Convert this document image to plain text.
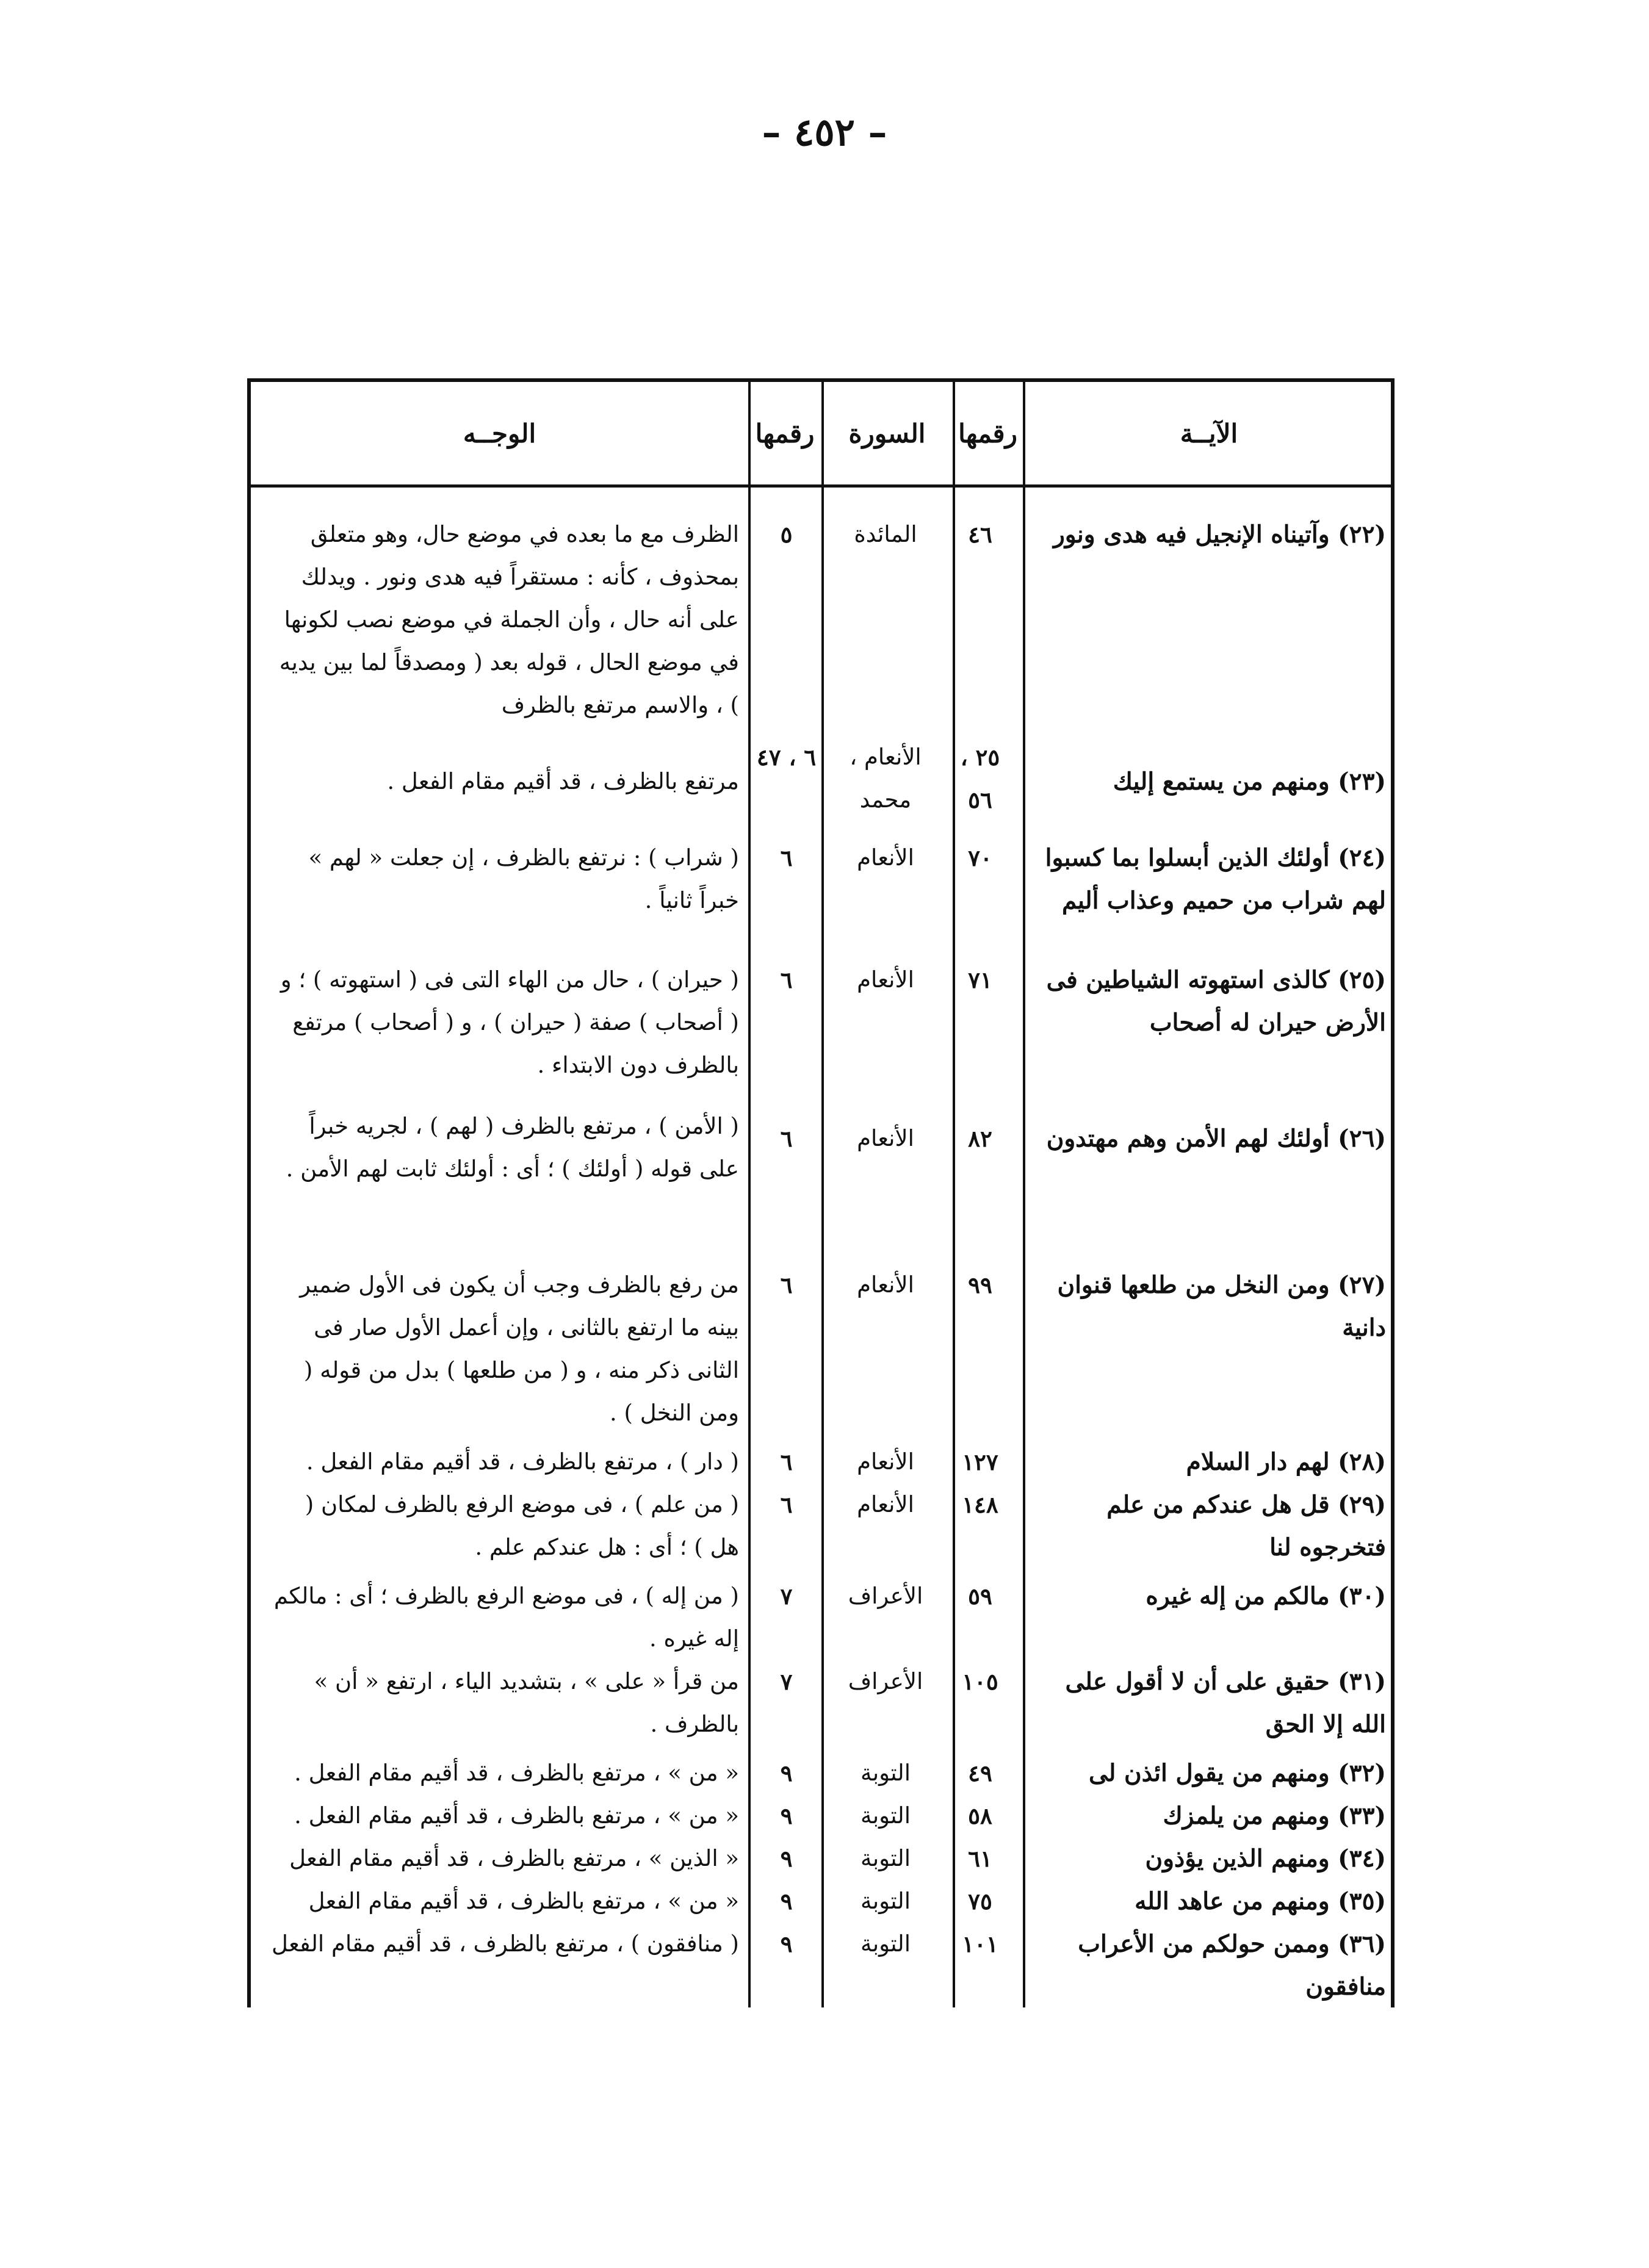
– ٤٥٢ –
الآيــة
رقمها
السورة
رقمها
الوجــه
(٢٢) وآتيناه الإنجيل فيه هدى ونور
٤٦
المائدة
٥
الظرف مع ما بعده في موضع حال، وهو متعلق بمحذوف ، كأنه : مستقراً فيه هدى ونور . ويدلك على أنه حال ، وأن الجملة في موضع نصب لكونها في موضع الحال ، قوله بعد ( ومصدقاً لما بين يديه ) ، والاسم مرتفع بالظرف
(٢٣) ومنهم من يستمع إليك
٢٥ ، ٥٦
الأنعام ، محمد
٦ ، ٤٧
مرتفع بالظرف ، قد أقيم مقام الفعل .
(٢٤) أولئك الذين أبسلوا بما كسبوا لهم شراب من حميم وعذاب أليم
٧٠
الأنعام
٦
( شراب ) : نرتفع بالظرف ، إن جعلت « لهم » خبراً ثانياً .
(٢٥) كالذى استهوته الشياطين فى الأرض حيران له أصحاب
٧١
الأنعام
٦
( حيران ) ، حال من الهاء التى فى ( استهوته ) ؛ و ( أصحاب ) صفة ( حيران ) ، و ( أصحاب ) مرتفع بالظرف دون الابتداء .
(٢٦) أولئك لهم الأمن وهم مهتدون
٨٢
الأنعام
٦
( الأمن ) ، مرتفع بالظرف ( لهم ) ، لجريه خبراً على قوله ( أولئك ) ؛ أى : أولئك ثابت لهم الأمن .
(٢٧) ومن النخل من طلعها قنوان دانية
٩٩
الأنعام
٦
من رفع بالظرف وجب أن يكون فى الأول ضمير بينه ما ارتفع بالثانى ، وإن أعمل الأول صار فى الثانى ذكر منه ، و ( من طلعها ) بدل من قوله ( ومن النخل ) .
(٢٨) لهم دار السلام
١٢٧
الأنعام
٦
( دار ) ، مرتفع بالظرف ، قد أقيم مقام الفعل .
(٢٩) قل هل عندكم من علم فتخرجوه لنا
١٤٨
الأنعام
٦
( من علم ) ، فى موضع الرفع بالظرف لمكان ( هل ) ؛ أى : هل عندكم علم .
(٣٠) مالكم من إله غيره
٥٩
الأعراف
٧
( من إله ) ، فى موضع الرفع بالظرف ؛ أى : مالكم إله غيره .
(٣١) حقيق على أن لا أقول على الله إلا الحق
١٠٥
الأعراف
٧
من قرأ « على » ، بتشديد الياء ، ارتفع « أن » بالظرف .
(٣٢) ومنهم من يقول ائذن لى
٤٩
التوبة
٩
« من » ، مرتفع بالظرف ، قد أقيم مقام الفعل .
(٣٣) ومنهم من يلمزك
٥٨
التوبة
٩
« من » ، مرتفع بالظرف ، قد أقيم مقام الفعل .
(٣٤) ومنهم الذين يؤذون
٦١
التوبة
٩
« الذين » ، مرتفع بالظرف ، قد أقيم مقام الفعل
(٣٥) ومنهم من عاهد الله
٧٥
التوبة
٩
« من » ، مرتفع بالظرف ، قد أقيم مقام الفعل
(٣٦) وممن حولكم من الأعراب منافقون
١٠١
التوبة
٩
( منافقون ) ، مرتفع بالظرف ، قد أقيم مقام الفعل
